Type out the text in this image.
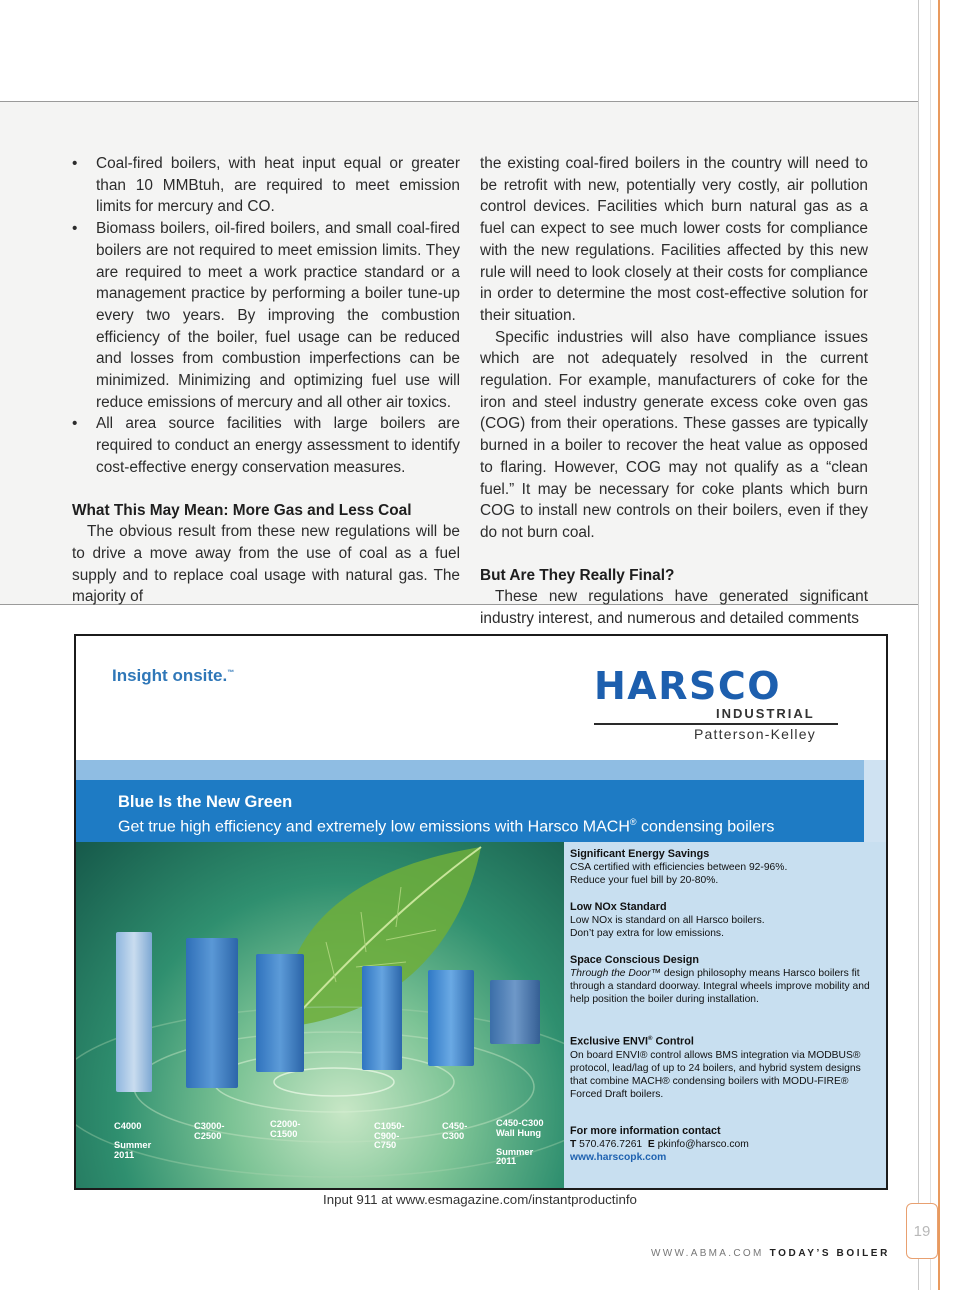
19
• Coal-fired boilers, with heat input equal or greater than 10 MMBtuh, are required to meet emission limits for mercury and CO.
• Biomass boilers, oil-fired boilers, and small coal-fired boilers are not required to meet emission limits. They are required to meet a work practice standard or a management practice by performing a boiler tune-up every two years. By improving the combustion efficiency of the boiler, fuel usage can be reduced and losses from combustion imperfections can be minimized. Minimizing and optimizing fuel use will reduce emissions of mercury and all other air toxics.
• All area source facilities with large boilers are required to conduct an energy assessment to identify cost-effective energy conservation measures.
What This May Mean: More Gas and Less Coal

The obvious result from these new regulations will be to drive a move away from the use of coal as a fuel supply and to replace coal usage with natural gas. The majority of

the existing coal-fired boilers in the country will need to be retrofit with new, potentially very costly, air pollution control devices. Facilities which burn natural gas as a fuel can expect to see much lower costs for compliance with the new regulations. Facilities affected by this new rule will need to look closely at their costs for compliance in order to determine the most cost-effective solution for their situation.

Specific industries will also have compliance issues which are not adequately resolved in the current regulation. For example, manufacturers of coke for the iron and steel industry generate excess coke oven gas (COG) from their operations. These gasses are typically burned in a boiler to recover the heat value as opposed to flaring. However, COG may not qualify as a “clean fuel.” It may be necessary for coke plants which burn COG to install new controls on their boilers, even if they do not burn coal.

But Are They Really Final?

These new regulations have generated significant industry interest, and numerous and detailed comments

Insight onsite.™	HARSCO
INDUSTRIAL
Patterson-Kelley
Blue Is the New Green
Get true high efficiency and extremely low emissions with Harsco MACH® condensing boilers
C4000

Summer
2011
C3000-
C2500
C2000-
C1500
C1050-
C900-
C750
C450-
C300
C450-C300
Wall Hung

Summer
2011
Significant Energy Savings
CSA certified with efficiencies between 92-96%.
Reduce your fuel bill by 20-80%.
Low NOx Standard
Low NOx is standard on all Harsco boilers.
Don’t pay extra for low emissions.
Space Conscious Design
Through the Door™ design philosophy means Harsco boilers fit through a standard doorway. Integral wheels improve mobility and help position the boiler during installation.
Exclusive ENVI® Control
On board ENVI® control allows BMS integration via MODBUS® protocol, lead/lag of up to 24 boilers, and hybrid system designs that combine MACH® condensing boilers with MODU-FIRE® Forced Draft boilers.
For more information contact
T 570.476.7261 E pkinfo@harsco.com
www.harscopk.com
Input 911 at www.esmagazine.com/instantproductinfo
WWW.ABMA.COM TODAY’S BOILER
